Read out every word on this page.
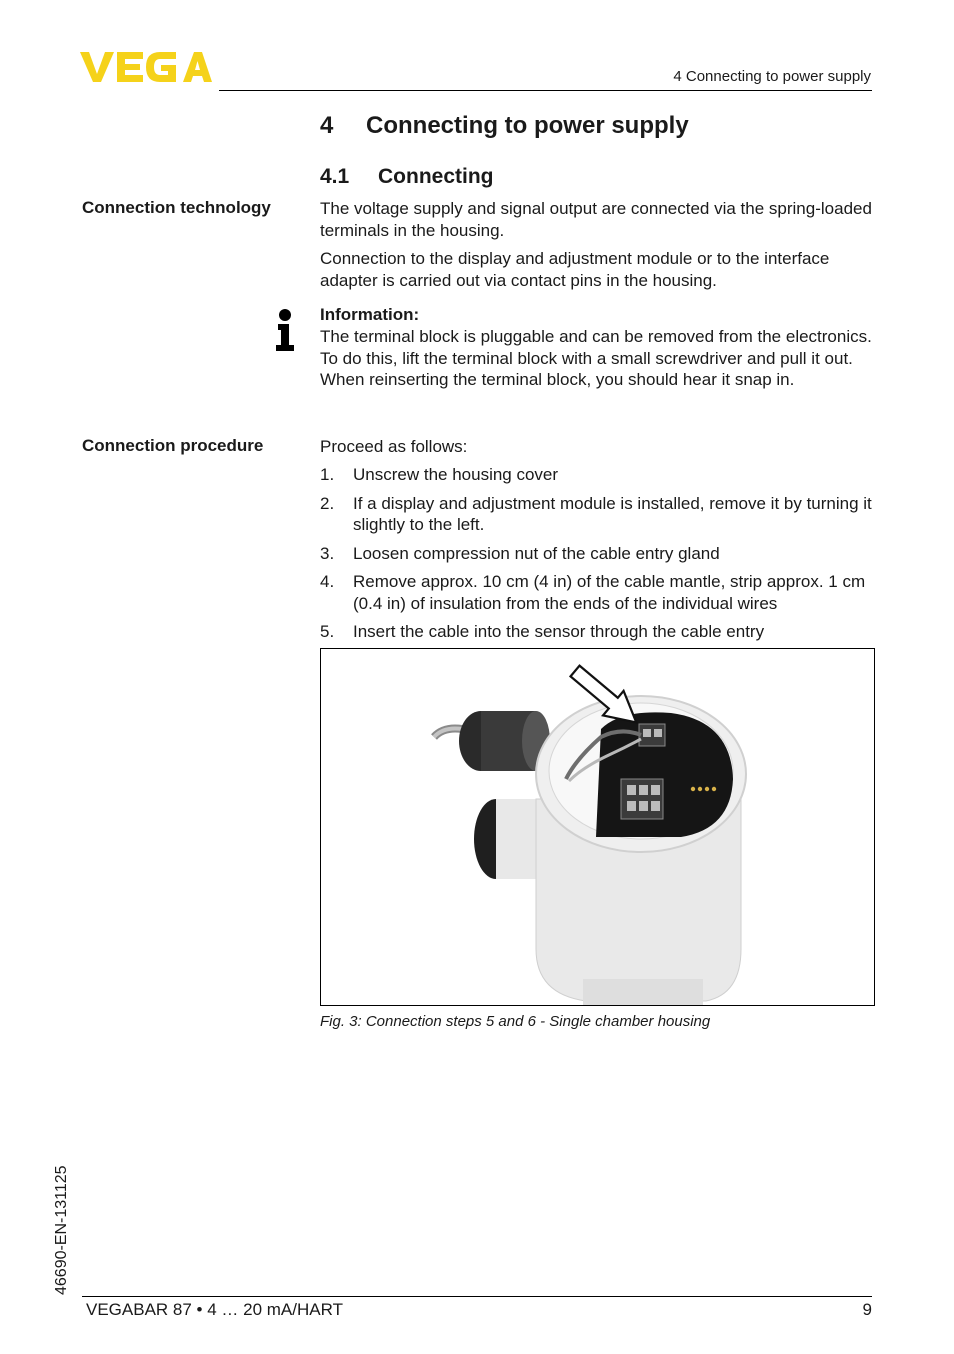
4 Connecting to power supply
4 Connecting to power supply
4.1 Connecting
Connection technology	The voltage supply and signal output are connected via the spring-loaded terminals in the housing.
Connection to the display and adjustment module or to the interface adapter is carried out via contact pins in the housing.
Information:
The terminal block is pluggable and can be removed from the electronics. To do this, lift the terminal block with a small screwdriver and pull it out. When reinserting the terminal block, you should hear it snap in.
Connection procedure	Proceed as follows:
1.	Unscrew the housing cover
2.	If a display and adjustment module is installed, remove it by turning it slightly to the left.
3.	Loosen compression nut of the cable entry gland
4.	Remove approx. 10 cm (4 in) of the cable mantle, strip approx. 1 cm (0.4 in) of insulation from the ends of the individual wires
5.	Insert the cable into the sensor through the cable entry
Fig. 3: Connection steps 5 and 6 - Single chamber housing
46690-EN-131125
VEGABAR 87 • 4 … 20 mA/HART	9
